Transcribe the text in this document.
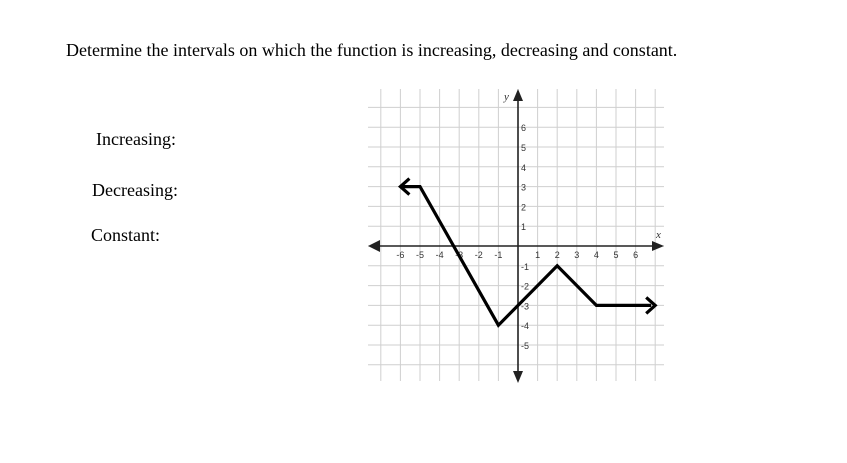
Determine the intervals on which the function is increasing, decreasing and constant.
Increasing:
Decreasing:
Constant:
-6 -5 -4 -3 -2 -1	1 2 3 4 5 6
6
5
4
3
2
1
-1
-2
-3
-4
-5
x
y
